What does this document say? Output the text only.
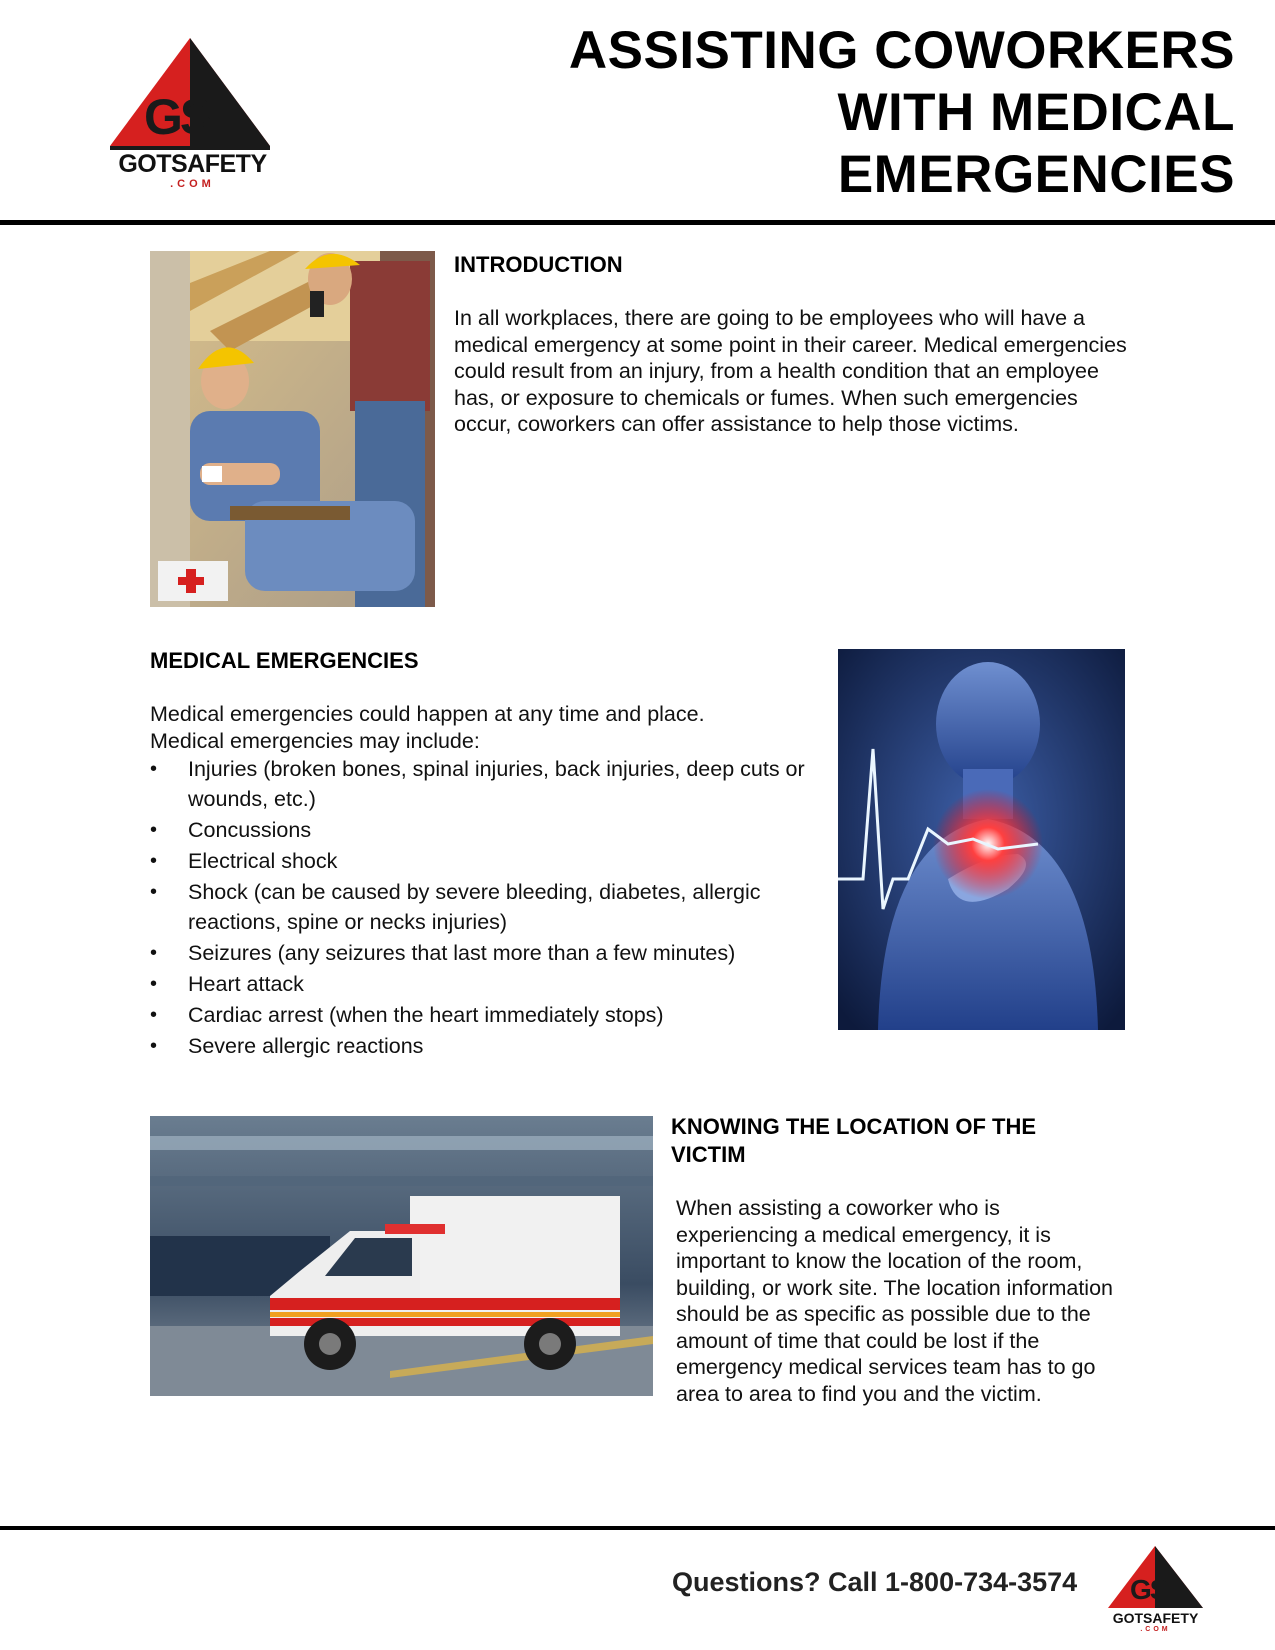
GS
GOTSAFETY
.COM
ASSISTING COWORKERS
WITH MEDICAL
EMERGENCIES
INTRODUCTION
In all workplaces, there are going to be employees who will have a medical emergency at some point in their career. Medical emergencies could result from an injury, from a health condition that an employee has, or exposure to chemicals or fumes. When such emergencies occur, coworkers can offer assistance to help those victims.
MEDICAL EMERGENCIES
Medical emergencies could happen at any time and place.
Medical emergencies may include:
• Injuries (broken bones, spinal injuries, back injuries, deep cuts or wounds, etc.)
• Concussions
• Electrical shock
• Shock (can be caused by severe bleeding, diabetes, allergic reactions, spine or necks injuries)
• Seizures (any seizures that last more than a few minutes)
• Heart attack
• Cardiac arrest (when the heart immediately stops)
• Severe allergic reactions
KNOWING THE LOCATION OF THE VICTIM
When assisting a coworker who is experiencing a medical emergency, it is important to know the location of the room, building, or work site. The location information should be as specific as possible due to the amount of time that could be lost if the emergency medical services team has to go area to area to find you and the victim.
Questions? Call 1-800-734-3574 GS
GOTSAFETY
.COM
